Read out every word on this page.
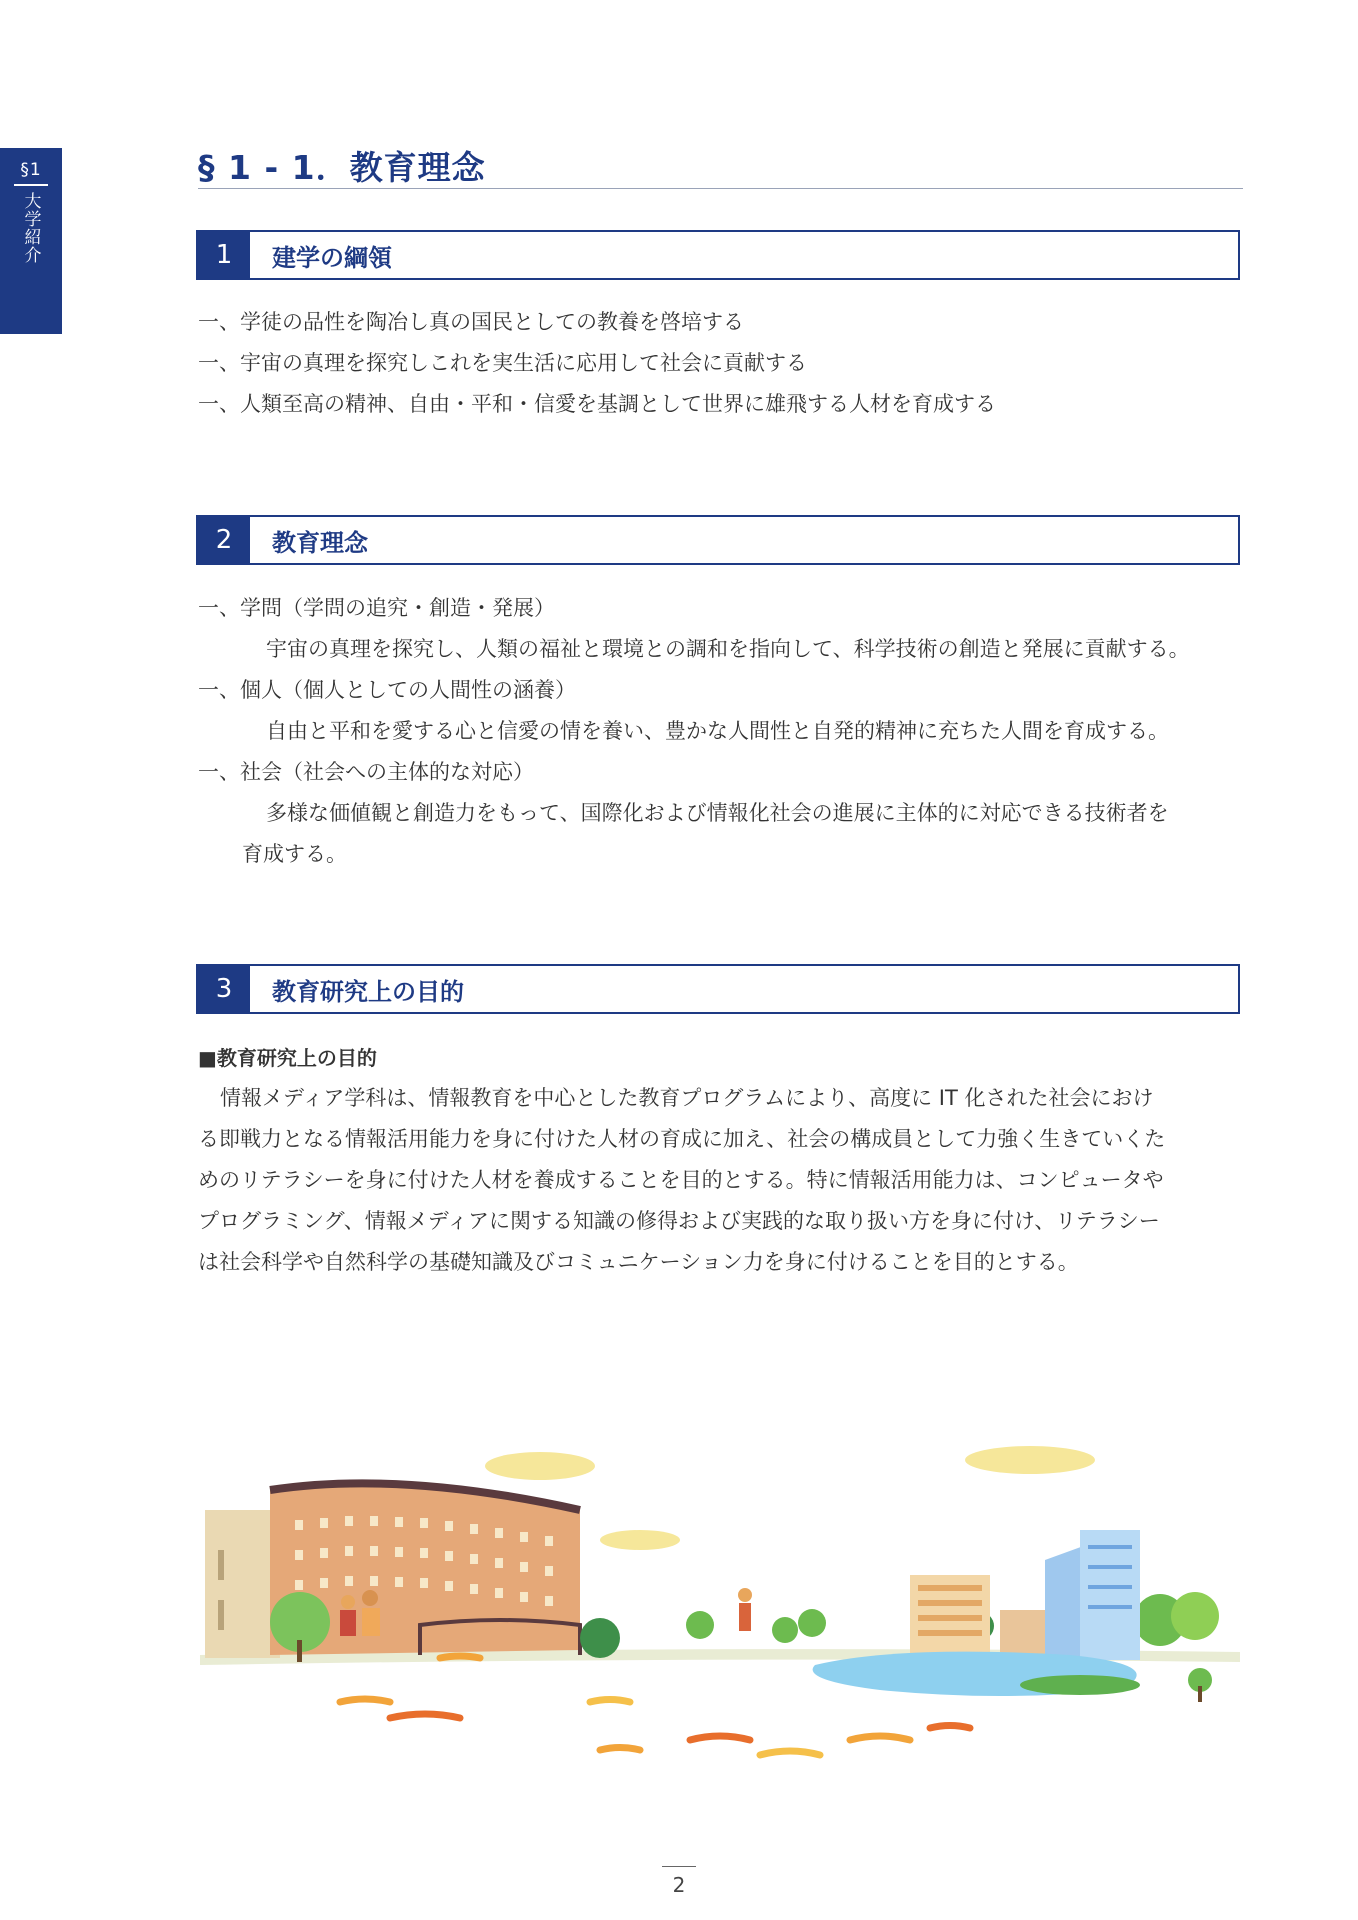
§1
大学紹介
§ 1 - 1．教育理念
1	建学の綱領

一、学徒の品性を陶冶し真の国民としての教養を啓培する

一、宇宙の真理を探究しこれを実生活に応用して社会に貢献する

一、人類至高の精神、自由・平和・信愛を基調として世界に雄飛する人材を育成する

2	教育理念

一、学問（学問の追究・創造・発展）

宇宙の真理を探究し、人類の福祉と環境との調和を指向して、科学技術の創造と発展に貢献する。

一、個人（個人としての人間性の涵養）

自由と平和を愛する心と信愛の情を養い、豊かな人間性と自発的精神に充ちた人間を育成する。

一、社会（社会への主体的な対応）

多様な価値観と創造力をもって、国際化および情報化社会の進展に主体的に対応できる技術者を

育成する。

3	教育研究上の目的

■教育研究上の目的

情報メディア学科は、情報教育を中心とした教育プログラムにより、高度に IT 化された社会におけ

る即戦力となる情報活用能力を身に付けた人材の育成に加え、社会の構成員として力強く生きていくた

めのリテラシーを身に付けた人材を養成することを目的とする。特に情報活用能力は、コンピュータや

プログラミング、情報メディアに関する知識の修得および実践的な取り扱い方を身に付け、リテラシー

は社会科学や自然科学の基礎知識及びコミュニケーション力を身に付けることを目的とする。

2
